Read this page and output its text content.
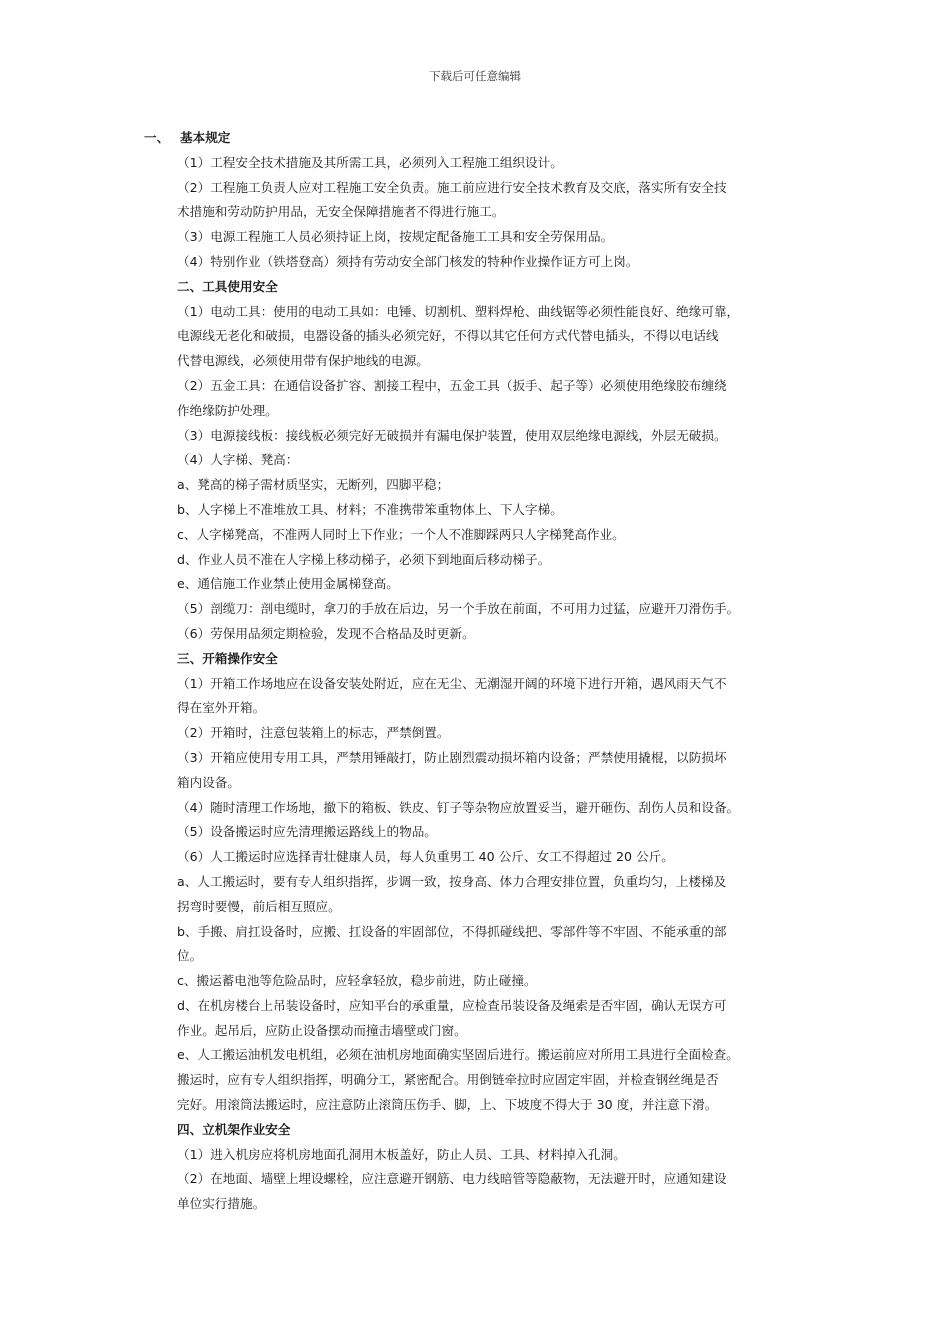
下载后可任意编辑
一、 基本规定
（1）工程安全技术措施及其所需工具，必须列入工程施工组织设计。
（2）工程施工负责人应对工程施工安全负责。施工前应进行安全技术教育及交底，落实所有安全技
术措施和劳动防护用品，无安全保障措施者不得进行施工。
（3）电源工程施工人员必须持证上岗，按规定配备施工工具和安全劳保用品。
（4）特别作业（铁塔登高）须持有劳动安全部门核发的特种作业操作证方可上岗。
二、工具使用安全
（1）电动工具：使用的电动工具如：电锤、切割机、塑料焊枪、曲线锯等必须性能良好、绝缘可靠，
电源线无老化和破损，电器设备的插头必须完好，不得以其它任何方式代替电插头，不得以电话线
代替电源线，必须使用带有保护地线的电源。
（2）五金工具：在通信设备扩容、割接工程中，五金工具（扳手、起子等）必须使用绝缘胶布缠绕
作绝缘防护处理。
（3）电源接线板：接线板必须完好无破损并有漏电保护装置，使用双层绝缘电源线，外层无破损。
（4）人字梯、凳高：
a、凳高的梯子需材质坚实，无断列，四脚平稳；
b、人字梯上不准堆放工具、材料；不准携带笨重物体上、下人字梯。
c、人字梯凳高，不准两人同时上下作业；一个人不准脚踩两只人字梯凳高作业。
d、作业人员不准在人字梯上移动梯子，必须下到地面后移动梯子。
e、通信施工作业禁止使用金属梯登高。
（5）剖缆刀：剖电缆时，拿刀的手放在后边，另一个手放在前面，不可用力过猛，应避开刀滑伤手。
（6）劳保用品须定期检验，发现不合格品及时更新。
三、开箱操作安全
（1）开箱工作场地应在设备安装处附近，应在无尘、无潮湿开阔的环境下进行开箱，遇风雨天气不
得在室外开箱。
（2）开箱时，注意包装箱上的标志，严禁倒置。
（3）开箱应使用专用工具，严禁用锤敲打，防止剧烈震动损坏箱内设备；严禁使用撬棍，以防损坏
箱内设备。
（4）随时清理工作场地，撤下的箱板、铁皮、钉子等杂物应放置妥当，避开砸伤、刮伤人员和设备。
（5）设备搬运时应先清理搬运路线上的物品。
（6）人工搬运时应选择青壮健康人员，每人负重男工 40 公斤、女工不得超过 20 公斤。
a、人工搬运时，要有专人组织指挥，步调一致，按身高、体力合理安排位置，负重均匀，上楼梯及
拐弯时要慢，前后相互照应。
b、手搬、肩扛设备时，应搬、扛设备的牢固部位，不得抓碰线把、零部件等不牢固、不能承重的部
位。
c、搬运蓄电池等危险品时，应轻拿轻放，稳步前进，防止碰撞。
d、在机房楼台上吊装设备时，应知平台的承重量，应检查吊装设备及绳索是否牢固，确认无误方可
作业。起吊后，应防止设备摆动而撞击墙壁或门窗。
e、人工搬运油机发电机组，必须在油机房地面确实坚固后进行。搬运前应对所用工具进行全面检查。
搬运时，应有专人组织指挥，明确分工，紧密配合。用倒链牵拉时应固定牢固，并检查钢丝绳是否
完好。用滚筒法搬运时，应注意防止滚筒压伤手、脚，上、下坡度不得大于 30 度，并注意下滑。
四、立机架作业安全
（1）进入机房应将机房地面孔洞用木板盖好，防止人员、工具、材料掉入孔洞。
（2）在地面、墙壁上埋设螺栓，应注意避开钢筋、电力线暗管等隐蔽物，无法避开时，应通知建设
单位实行措施。
